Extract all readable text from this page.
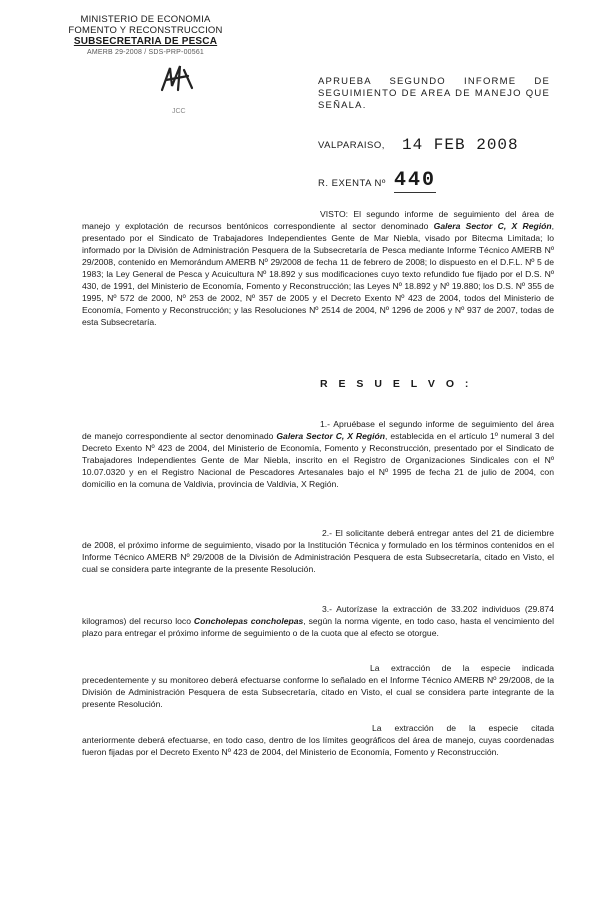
MINISTERIO DE ECONOMIA
FOMENTO Y RECONSTRUCCION
SUBSECRETARIA DE PESCA
AMERB 29-2008 / SDS-PRP-00561
JCC
APRUEBA SEGUNDO INFORME DE SEGUIMIENTO DE AREA DE MANEJO QUE SEÑALA.
VALPARAISO, 14 FEB 2008
R. EXENTA Nº 440
VISTO: El segundo informe de seguimiento del área de manejo y explotación de recursos bentónicos correspondiente al sector denominado Galera Sector C, X Región, presentado por el Sindicato de Trabajadores Independientes Gente de Mar Niebla, visado por Bitecma Limitada; lo informado por la División de Administración Pesquera de la Subsecretaría de Pesca mediante Informe Técnico AMERB Nº 29/2008, contenido en Memorándum AMERB Nº 29/2008 de fecha 11 de febrero de 2008; lo dispuesto en el D.F.L. Nº 5 de 1983; la Ley General de Pesca y Acuicultura Nº 18.892 y sus modificaciones cuyo texto refundido fue fijado por el D.S. Nº 430, de 1991, del Ministerio de Economía, Fomento y Reconstrucción; las Leyes Nº 18.892 y Nº 19.880; los D.S. Nº 355 de 1995, Nº 572 de 2000, Nº 253 de 2002, Nº 357 de 2005 y el Decreto Exento Nº 423 de 2004, todos del Ministerio de Economía, Fomento y Reconstrucción; y las Resoluciones Nº 2514 de 2004, Nº 1296 de 2006 y Nº 937 de 2007, todas de esta Subsecretaría.
R E S U E L V O :
1.- Apruébase el segundo informe de seguimiento del área de manejo correspondiente al sector denominado Galera Sector C, X Región, establecida en el artículo 1º numeral 3 del Decreto Exento Nº 423 de 2004, del Ministerio de Economía, Fomento y Reconstrucción, presentado por el Sindicato de Trabajadores Independientes Gente de Mar Niebla, inscrito en el Registro de Organizaciones Sindicales con el Nº 10.07.0320 y en el Registro Nacional de Pescadores Artesanales bajo el Nº 1995 de fecha 21 de julio de 2004, con domicilio en la comuna de Valdivia, provincia de Valdivia, X Región.
2.- El solicitante deberá entregar antes del 21 de diciembre de 2008, el próximo informe de seguimiento, visado por la Institución Técnica y formulado en los términos contenidos en el Informe Técnico AMERB Nº 29/2008 de la División de Administración Pesquera de esta Subsecretaría, citado en Visto, el cual se considera parte integrante de la presente Resolución.
3.- Autorízase la extracción de 33.202 individuos (29.874 kilogramos) del recurso loco Concholepas concholepas, según la norma vigente, en todo caso, hasta el vencimiento del plazo para entregar el próximo informe de seguimiento o de la cuota que al efecto se otorgue.
La extracción de la especie indicada precedentemente y su monitoreo deberá efectuarse conforme lo señalado en el Informe Técnico AMERB Nº 29/2008, de la División de Administración Pesquera de esta Subsecretaría, citado en Visto, el cual se considera parte integrante de la presente Resolución.
La extracción de la especie citada anteriormente deberá efectuarse, en todo caso, dentro de los límites geográficos del área de manejo, cuyas coordenadas fueron fijadas por el Decreto Exento Nº 423 de 2004, del Ministerio de Economía, Fomento y Reconstrucción.
